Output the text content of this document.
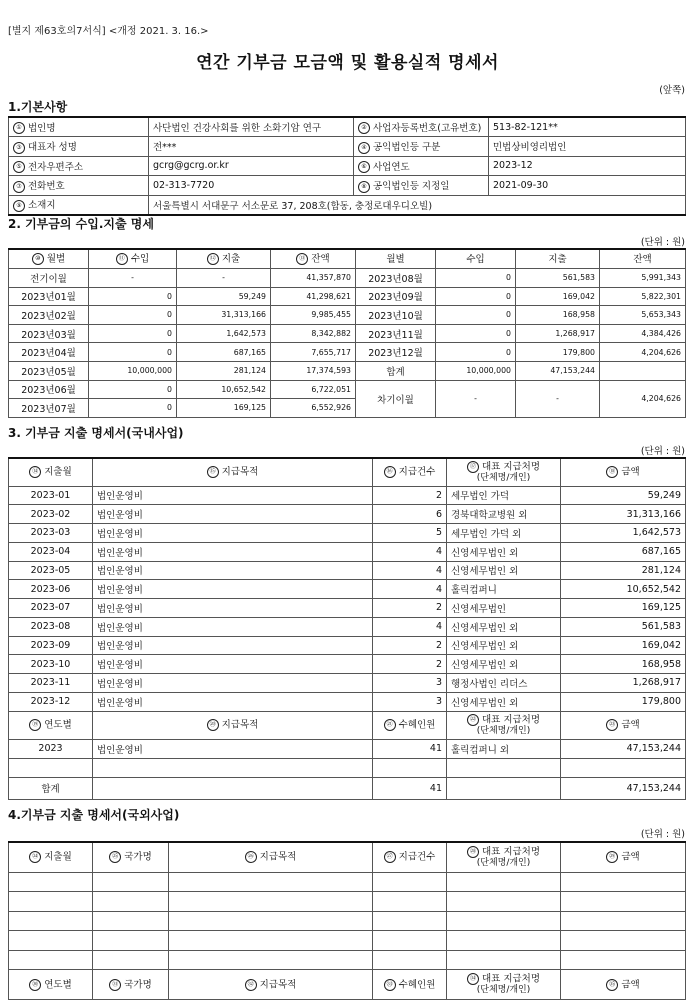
[별지 제63호의7서식] <개정 2021. 3. 16.>
연간 기부금 모금액 및 활용실적 명세서
(앞쪽)
1.기본사항
① 법인명	사단법인 건강사회를 위한 소화기암 연구	② 사업자등록번호(고유번호)	513-82-121**
③ 대표자 성명	전***	④ 공익법인등 구분	민법상비영리법인
⑤ 전자우편주소	gcrg@gcrg.or.kr	⑥ 사업연도	2023-12
⑦ 전화번호	02-313-7720	⑧ 공익법인등 지정일	2021-09-30
⑨ 소재지	서울특별시 서대문구 서소문로 37, 208호(합동, 충정로대우디오빌)		
2. 기부금의 수입.지출 명세
(단위 : 원)
⑩ 월별	⑪ 수입	⑫ 지출	⑬ 잔액	월별	수입	지출	잔액
전기이월	-	-	41,357,870	2023년08월	0	561,583	5,991,343
2023년01월	0	59,249	41,298,621	2023년09월	0	169,042	5,822,301
2023년02월	0	31,313,166	9,985,455	2023년10월	0	168,958	5,653,343
2023년03월	0	1,642,573	8,342,882	2023년11월	0	1,268,917	4,384,426
2023년04월	0	687,165	7,655,717	2023년12월	0	179,800	4,204,626
2023년05월	10,000,000	281,124	17,374,593	합계	10,000,000	47,153,244	
2023년06월	0	10,652,542	6,722,051	차기이월	-	-	4,204,626
2023년07월	0	169,125	6,552,926				
3. 기부금 지출 명세서(국내사업)
(단위 : 원)
⑭ 지출월	⑮ 지급목적	⑯ 지급건수	⑰ 대표 지급처명
(단체명/개인)	⑱ 금액
2023-01	법인운영비	2	세무법인 가덕	59,249
2023-02	법인운영비	6	경북대학교병원 외	31,313,166
2023-03	법인운영비	5	세무법인 가덕 외	1,642,573
2023-04	법인운영비	4	신영세무법인 외	687,165
2023-05	법인운영비	4	신영세무법인 외	281,124
2023-06	법인운영비	4	홀릭컴퍼니	10,652,542
2023-07	법인운영비	2	신영세무법인	169,125
2023-08	법인운영비	4	신영세무법인 외	561,583
2023-09	법인운영비	2	신영세무법인 외	169,042
2023-10	법인운영비	2	신영세무법인 외	168,958
2023-11	법인운영비	3	행정사법인 리더스	1,268,917
2023-12	법인운영비	3	신영세무법인 외	179,800
⑲ 연도별	⑳ 지급목적	㉑ 수혜인원	㉒ 대표 지급처명
(단체명/개인)	㉓ 금액
2023	법인운영비	41	홀릭컴퍼니 외	47,153,244

합계		41		47,153,244
4.기부금 지출 명세서(국외사업)
(단위 : 원)
㉔ 지출월	㉕ 국가명	㉖ 지급목적	㉗ 지급건수	㉘ 대표 지급처명
(단체명/개인)	㉙ 금액

㉚ 연도별	㉛ 국가명	㉜ 지급목적	㉝ 수혜인원	㉞ 대표 지급처명
(단체명/개인)	㉟ 금액
